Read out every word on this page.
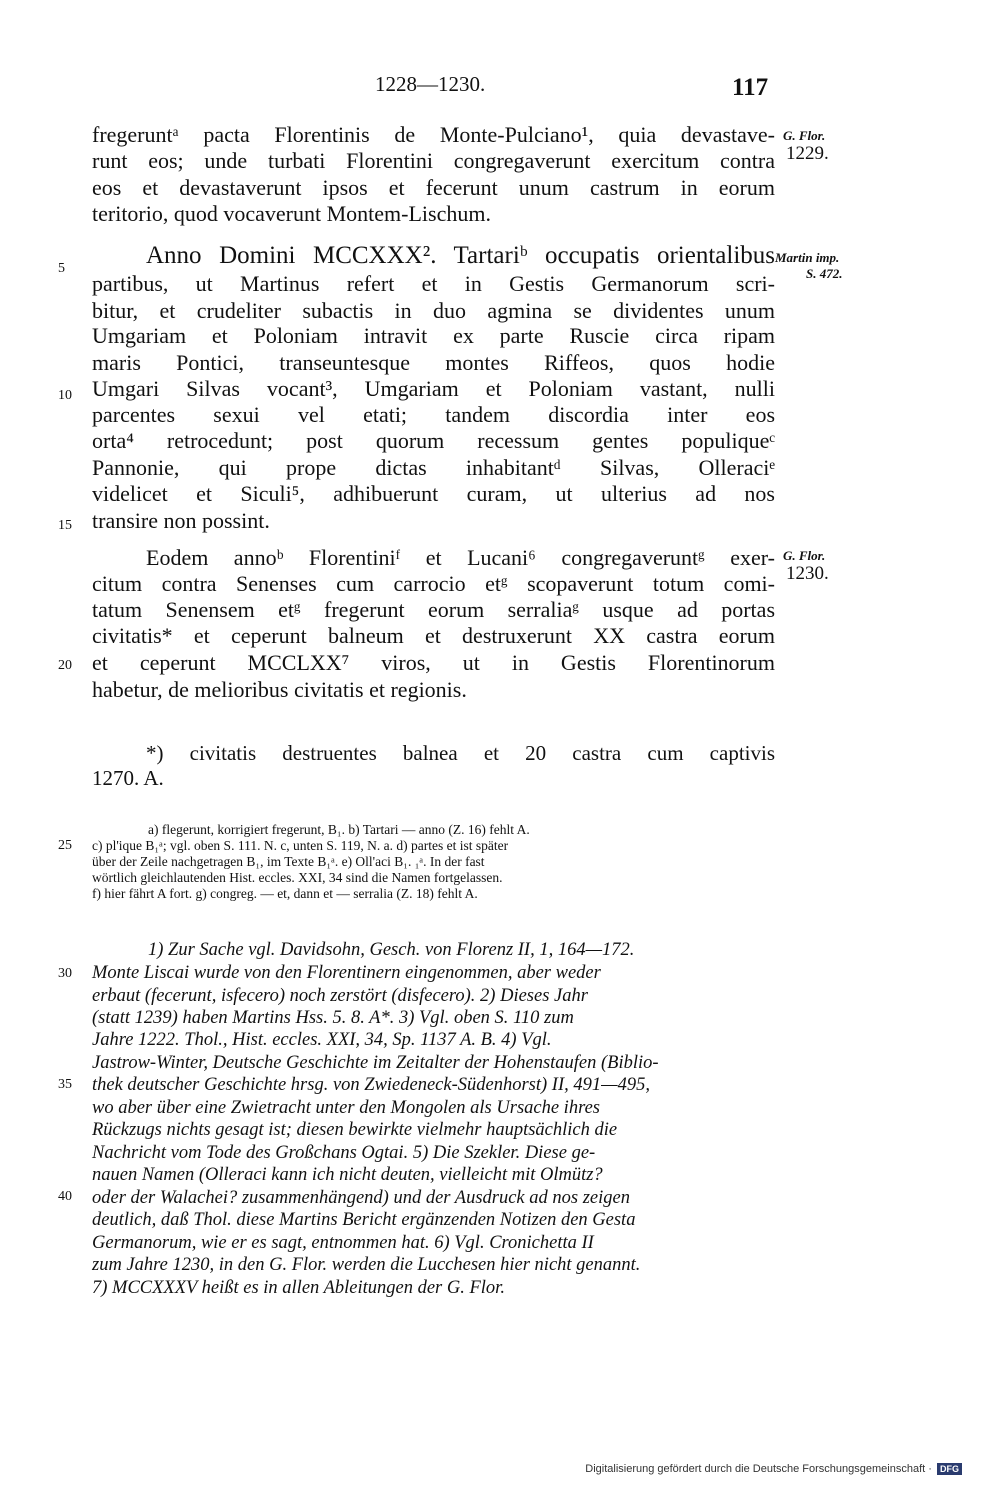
1228—1230.	117
fregeruntᵃ pacta Florentinis de Monte-Pulciano¹, quia devastave-
runt eos; unde turbati Florentini congregaverunt exercitum contra
eos et devastaverunt ipsos et fecerunt unum castrum in eorum
teritorio, quod vocaverunt Montem-Lischum.
Anno Domini MCCXXX². Tartariᵇ occupatis orientalibus
partibus, ut Martinus refert et in Gestis Germanorum scri-
bitur, et crudeliter subactis in duo agmina se dividentes unum
Umgariam et Poloniam intravit ex parte Ruscie circa ripam
maris Pontici, transeuntesque montes Riffeos, quos hodie
Umgari Silvas vocant³, Umgariam et Poloniam vastant, nulli
parcentes sexui vel etati; tandem discordia inter eos
orta⁴ retrocedunt; post quorum recessum gentes populiqueᶜ
Pannonie, qui prope dictas inhabitantᵈ Silvas, Olleraciᵉ
videlicet et Siculi⁵, adhibuerunt curam, ut ulterius ad nos
transire non possint.
Eodem annoᵇ Florentiniᶠ et Lucani⁶ congregaveruntᵍ exer-
citum contra Senenses cum carrocio etᵍ scopaverunt totum comi-
tatum Senensem etᵍ fregerunt eorum serraliaᵍ usque ad portas
civitatis* et ceperunt balneum et destruxerunt XX castra eorum
et ceperunt MCCLXX⁷ viros, ut in Gestis Florentinorum
habetur, de melioribus civitatis et regionis.
5
10
15
20
25
30
35
40
G. Flor.
1229.
Martin imp.
S. 472.
G. Flor.
1230.
*) civitatis destruentes balnea et 20 castra cum captivis
1270. A.
a) flegerunt, korrigiert fregerunt, B₁. b) Tartari — anno (Z. 16) fehlt A.
c) pl'ique B₁ᵃ; vgl. oben S. 111. N. c, unten S. 119, N. a. d) partes et ist später
über der Zeile nachgetragen B₁, im Texte B₁ᵃ. e) Oll'aci B₁. ₁ᵃ. In der fast
wörtlich gleichlautenden Hist. eccles. XXI, 34 sind die Namen fortgelassen.
f) hier fährt A fort. g) congreg. — et, dann et — serralia (Z. 18) fehlt A.
1) Zur Sache vgl. Davidsohn, Gesch. von Florenz II, 1, 164—172.
Monte Liscai wurde von den Florentinern eingenommen, aber weder
erbaut (fecerunt, isfecero) noch zerstört (disfecero). 2) Dieses Jahr
(statt 1239) haben Martins Hss. 5. 8. A*. 3) Vgl. oben S. 110 zum
Jahre 1222. Thol., Hist. eccles. XXI, 34, Sp. 1137 A. B. 4) Vgl.
Jastrow-Winter, Deutsche Geschichte im Zeitalter der Hohenstaufen (Biblio-
thek deutscher Geschichte hrsg. von Zwiedeneck-Südenhorst) II, 491—495,
wo aber über eine Zwietracht unter den Mongolen als Ursache ihres
Rückzugs nichts gesagt ist; diesen bewirkte vielmehr hauptsächlich die
Nachricht vom Tode des Großchans Ogtai. 5) Die Szekler. Diese ge-
nauen Namen (Olleraci kann ich nicht deuten, vielleicht mit Olmütz?
oder der Walachei? zusammenhängend) und der Ausdruck ad nos zeigen
deutlich, daß Thol. diese Martins Bericht ergänzenden Notizen den Gesta
Germanorum, wie er es sagt, entnommen hat. 6) Vgl. Cronichetta II
zum Jahre 1230, in den G. Flor. werden die Lucchesen hier nicht genannt.
7) MCCXXXV heißt es in allen Ableitungen der G. Flor.
Digitalisierung gefördert durch die Deutsche Forschungsgemeinschaft · DFG
